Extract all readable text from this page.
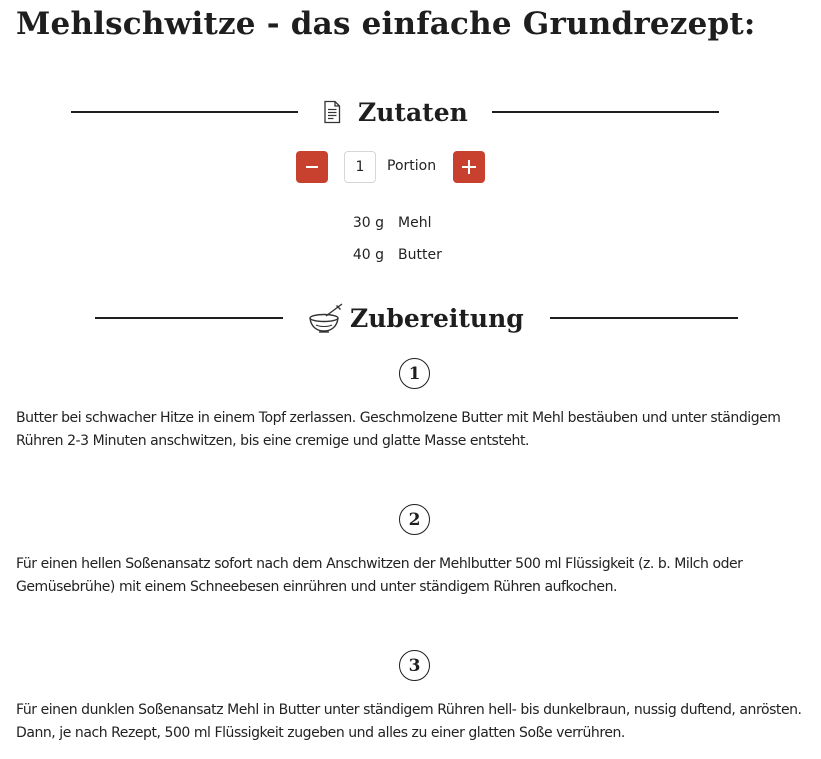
Mehlschwitze - das einfache Grundrezept:
Zutaten
1
Portion
30 g Mehl
40 g Butter
Zubereitung
1

Butter bei schwacher Hitze in einem Topf zerlassen. Geschmolzene Butter mit Mehl bestäuben und unter ständigem Rühren 2-3 Minuten anschwitzen, bis eine cremige und glatte Masse entsteht.

2

Für einen hellen Soßenansatz sofort nach dem Anschwitzen der Mehlbutter 500 ml Flüssigkeit (z. b. Milch oder Gemüsebrühe) mit einem Schneebesen einrühren und unter ständigem Rühren aufkochen.

3

Für einen dunklen Soßenansatz Mehl in Butter unter ständigem Rühren hell- bis dunkelbraun, nussig duftend, anrösten. Dann, je nach Rezept, 500 ml Flüssigkeit zugeben und alles zu einer glatten Soße verrühren.
